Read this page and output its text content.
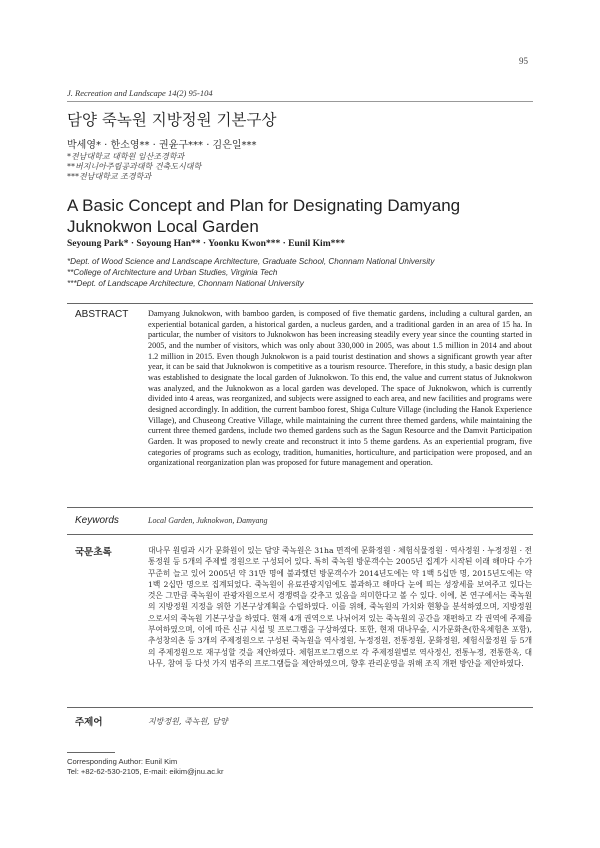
95
J. Recreation and Landscape 14(2) 95-104
담양 죽녹원 지방정원 기본구상
박세영* · 한소영** · 권윤구*** · 김은일***
*전남대학교 대학원 임산조경학과
**버지니아주립공과대학 건축도시대학
***전남대학교 조경학과
A Basic Concept and Plan for Designating Damyang Juknokwon Local Garden
Seyoung Park* · Soyoung Han** · Yoonku Kwon*** · Eunil Kim***
*Dept. of Wood Science and Landscape Architecture, Graduate School, Chonnam National University
**College of Architecture and Urban Studies, Virginia Tech
***Dept. of Landscape Architecture, Chonnam National University
ABSTRACT Damyang Juknokwon, with bamboo garden, is composed of five thematic gardens, including a cultural garden, an experiential botanical garden, a historical garden, a nucleus garden, and a traditional garden in an area of 15 ha. In particular, the number of visitors to Juknokwon has been increasing steadily every year since the counting started in 2005, and the number of visitors, which was only about 330,000 in 2005, was about 1.5 million in 2014 and about 1.2 million in 2015. Even though Juknokwon is a paid tourist destination and shows a significant growth year after year, it can be said that Juknokwon is competitive as a tourism resource. Therefore, in this study, a basic design plan was established to designate the local garden of Juknokwon. To this end, the value and current status of Juknokwon was analyzed, and the Juknokwon as a local garden was developed. The space of Juknokwon, which is currently divided into 4 areas, was reorganized, and subjects were assigned to each area, and new facilities and programs were designed accordingly. In addition, the current bamboo forest, Shiga Culture Village (including the Hanok Experience Village), and Chuseong Creative Village, while maintaining the current three themed gardens, while maintaining the current three themed gardens, include two themed gardens such as the Sagun Resource and the Damvit Participation Garden. It was proposed to newly create and reconstruct it into 5 theme gardens. As an experiential program, five categories of programs such as ecology, tradition, humanities, horticulture, and participation were proposed, and an organizational reorganization plan was proposed for future management and operation.
Keywords	Local Garden, Juknokwon, Damyang
국문초록	대나무 원림과 시가 문화원이 있는 담양 죽녹원은 31ha 면적에 문화정원 · 체험식물정원 · 역사정원 · 누정정원 · 전통정원 등 5개의 주제별 정원으로 구성되어 있다. 특히 죽녹원 방문객수는 2005년 집계가 시작된 이래 해마다 수가 꾸준히 늘고 있어 2005년 약 31만 명에 불과했던 방문객수가 2014년도에는 약 1백 5십만 명, 2015년도에는 약 1백 2십만 명으로 집계되었다. 죽녹원이 유료관광지임에도 불과하고 해마다 눈에 띄는 성장세를 보여주고 있다는 것은 그만큼 죽녹원이 관광자원으로서 경쟁력을 갖추고 있음을 의미한다고 볼 수 있다. 이에, 본 연구에서는 죽녹원의 지방정원 지정을 위한 기본구상계획을 수립하였다. 이를 위해, 죽녹원의 가치와 현황을 분석하였으며, 지방정원으로서의 죽녹원 기본구상을 하였다. 현재 4개 권역으로 나뉘어져 있는 죽녹원의 공간을 재편하고 각 권역에 주제를 부여하였으며, 이에 따른 신규 시설 및 프로그램을 구상하였다. 또한, 현재 대나무숲, 시가문화촌(한옥체험촌 포함), 추성창의촌 등 3개의 주제정원으로 구성된 죽녹원을 역사정원, 누정정원, 전통정원, 문화정원, 체험식물정원 등 5개의 주제정원으로 재구성할 것을 제안하였다. 체험프로그램으로 각 주제정원별로 역사정신, 전통누정, 전통한옥, 대나무, 참여 등 다섯 가지 범주의 프로그램들을 제안하였으며, 향후 관리운영을 위해 조직 개편 방안을 제안하였다.
주제어	지방정원, 죽녹원, 담양
Corresponding Author: Eunil Kim
Tel: +82-62-530-2105, E-mail: eikim@jnu.ac.kr
